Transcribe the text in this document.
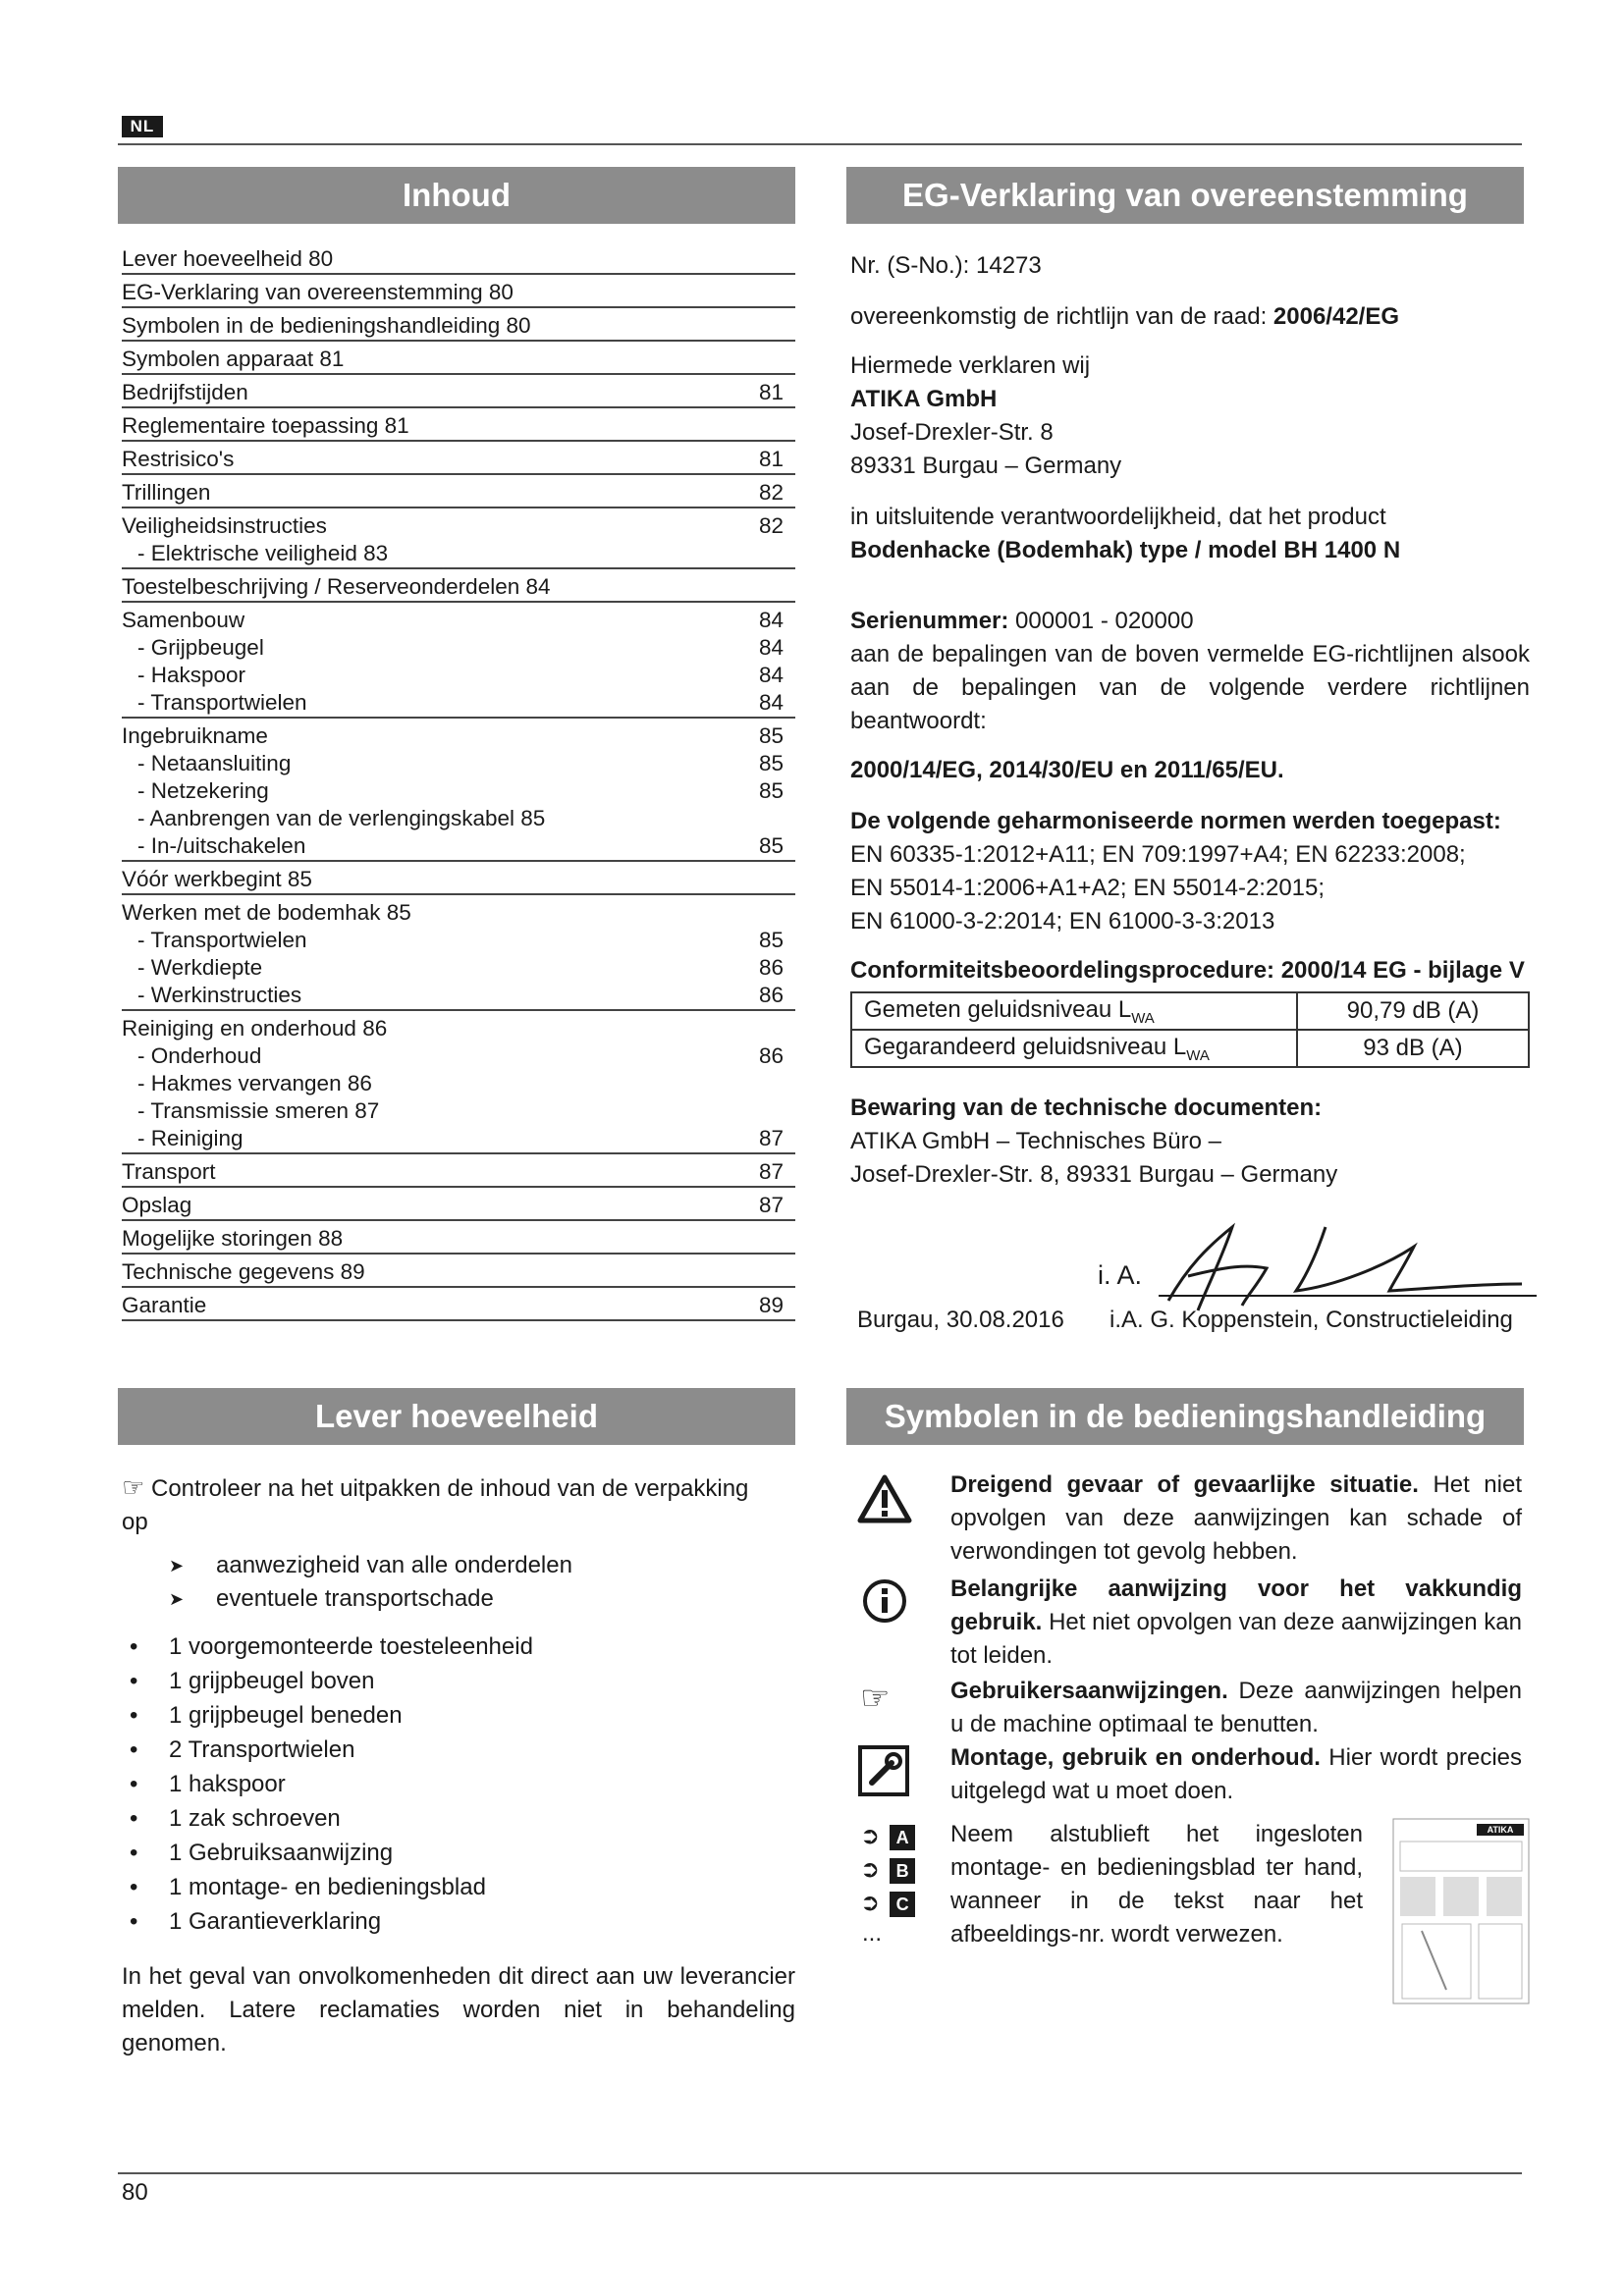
NL
Inhoud
Lever hoeveelheid 80
EG-Verklaring van overeenstemming 80
Symbolen in de bedieningshandleiding 80
Symbolen apparaat 81
Bedrijfstijden	81
Reglementaire toepassing 81
Restrisico's	81
Trillingen	82
Veiligheidsinstructies	82
- Elektrische veiligheid 83
Toestelbeschrijving / Reserveonderdelen 84
Samenbouw	84
- Grijpbeugel	84
- Hakspoor	84
- Transportwielen	84
Ingebruikname	85
- Netaansluiting	85
- Netzekering	85
- Aanbrengen van de verlengingskabel 85
- In-/uitschakelen	85
Vóór werkbegint 85
Werken met de bodemhak 85
- Transportwielen	85
- Werkdiepte	86
- Werkinstructies	86
Reiniging en onderhoud 86
- Onderhoud	86
- Hakmes vervangen 86
- Transmissie smeren 87
- Reiniging	87
Transport	87
Opslag	87
Mogelijke storingen 88
Technische gegevens 89
Garantie	89
Lever hoeveelheid
☞ Controleer na het uitpakken de inhoud van de verpakking
op
➤ aanwezigheid van alle onderdelen
➤ eventuele transportschade
• 1 voorgemonteerde toesteleenheid
• 1 grijpbeugel boven
• 1 grijpbeugel beneden
• 2 Transportwielen
• 1 hakspoor
• 1 zak schroeven
• 1 Gebruiksaanwijzing
• 1 montage- en bedieningsblad
• 1 Garantieverklaring
In het geval van onvolkomenheden dit direct aan uw leverancier melden. Latere reclamaties worden niet in behandeling genomen.
EG-Verklaring van overeenstemming
Nr. (S-No.): 14273
overeenkomstig de richtlijn van de raad: 2006/42/EG
Hiermede verklaren wij
ATIKA GmbH
Josef-Drexler-Str. 8
89331 Burgau – Germany
in uitsluitende verantwoordelijkheid, dat het product
Bodenhacke (Bodemhak) type / model BH 1400 N
Serienummer: 000001 - 020000
aan de bepalingen van de boven vermelde EG-richtlijnen alsook aan de bepalingen van de volgende verdere richtlijnen beantwoordt:
2000/14/EG, 2014/30/EU en 2011/65/EU.
De volgende geharmoniseerde normen werden toegepast:
EN 60335-1:2012+A11; EN 709:1997+A4; EN 62233:2008;
EN 55014-1:2006+A1+A2; EN 55014-2:2015;
EN 61000-3-2:2014; EN 61000-3-3:2013
Conformiteitsbeoordelingsprocedure: 2000/14 EG - bijlage V
Gemeten geluidsniveau $L_{WA}$	90,79 dB (A)
Gegarandeerd geluidsniveau $L_{WA}$	93 dB (A)
Bewaring van de technische documenten:
ATIKA GmbH – Technisches Büro –
Josef-Drexler-Str. 8, 89331 Burgau – Germany
i. A.
Burgau, 30.08.2016 i.A. G. Koppenstein, Constructieleiding
Symbolen in de bedieningshandleiding
Dreigend gevaar of gevaarlijke situatie. Het niet opvolgen van deze aanwijzingen kan schade of verwondingen tot gevolg hebben.
Belangrijke aanwijzing voor het vakkundig gebruik. Het niet opvolgen van deze aanwijzingen kan tot leiden.
☞	Gebruikersaanwijzingen. Deze aanwijzingen helpen u de machine optimaal te benutten.
Montage, gebruik en onderhoud. Hier wordt precies uitgelegd wat u moet doen.
➲ A
➲ B
➲ C
...
Neem alstublieft het ingesloten montage- en bedieningsblad ter hand, wanneer in de tekst naar het afbeeldings-nr. wordt verwezen.
ATIKA
80
